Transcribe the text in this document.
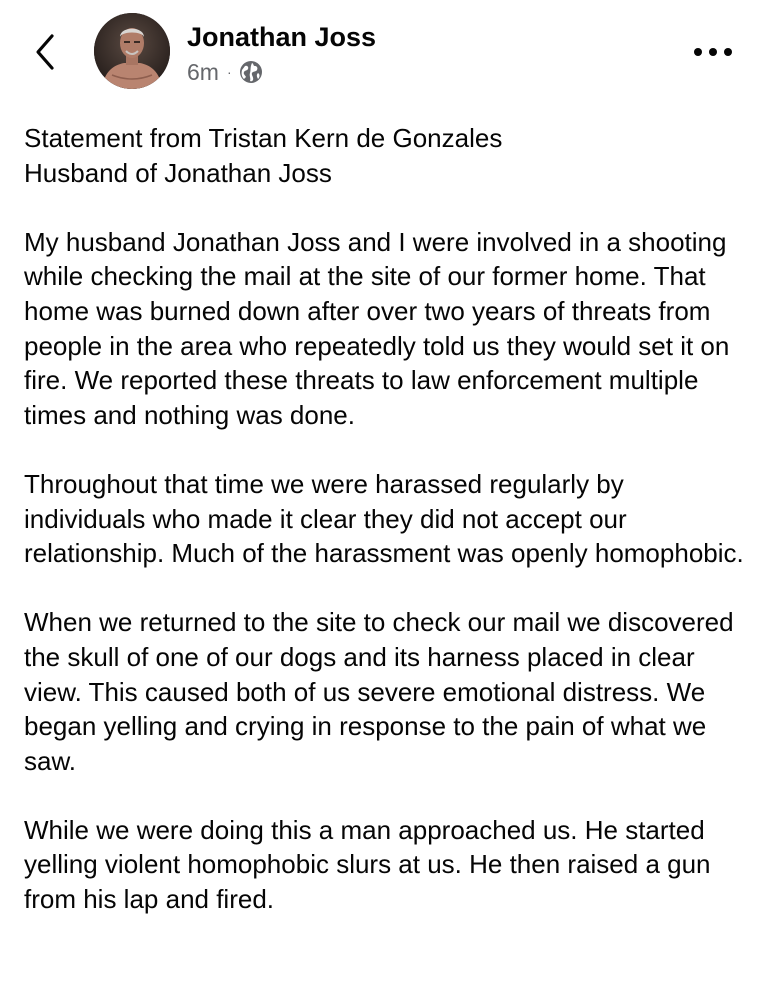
Jonathan Joss
6m ·

Statement from Tristan Kern de Gonzales
Husband of Jonathan Joss

My husband Jonathan Joss and I were involved in a shooting while checking the mail at the site of our former home. That home was burned down after over two years of threats from people in the area who repeatedly told us they would set it on fire. We reported these threats to law enforcement multiple times and nothing was done.

Throughout that time we were harassed regularly by individuals who made it clear they did not accept our relationship. Much of the harassment was openly homophobic.

When we returned to the site to check our mail we discovered the skull of one of our dogs and its harness placed in clear view. This caused both of us severe emotional distress. We began yelling and crying in response to the pain of what we saw.

While we were doing this a man approached us. He started yelling violent homophobic slurs at us. He then raised a gun from his lap and fired.
